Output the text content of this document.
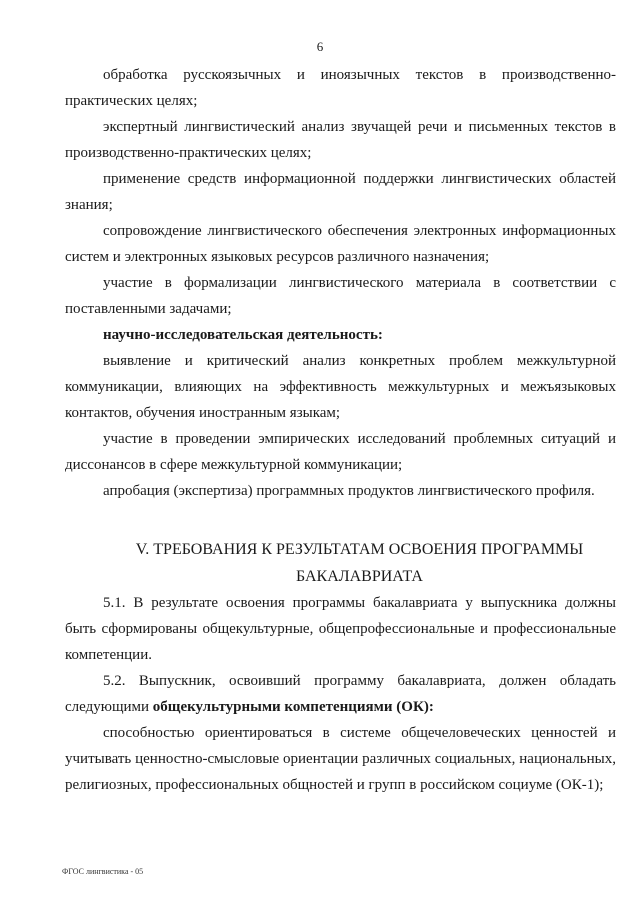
6

обработка русскоязычных и иноязычных текстов в производственно-практических целях;

экспертный лингвистический анализ звучащей речи и письменных текстов в производственно-практических целях;

применение средств информационной поддержки лингвистических областей знания;

сопровождение лингвистического обеспечения электронных информационных систем и электронных языковых ресурсов различного назначения;

участие в формализации лингвистического материала в соответствии с поставленными задачами;

научно-исследовательская деятельность:

выявление и критический анализ конкретных проблем межкультурной коммуникации, влияющих на эффективность межкультурных и межъязыковых контактов, обучения иностранным языкам;

участие в проведении эмпирических исследований проблемных ситуаций и диссонансов в сфере межкультурной коммуникации;

апробация (экспертиза) программных продуктов лингвистического профиля.

V. ТРЕБОВАНИЯ К РЕЗУЛЬТАТАМ ОСВОЕНИЯ ПРОГРАММЫ

БАКАЛАВРИАТА

5.1. В результате освоения программы бакалавриата у выпускника должны быть сформированы общекультурные, общепрофессиональные и профессиональные компетенции.

5.2. Выпускник, освоивший программу бакалавриата, должен обладать следующими общекультурными компетенциями (ОК):

способностью ориентироваться в системе общечеловеческих ценностей и учитывать ценностно-смысловые ориентации различных социальных, национальных, религиозных, профессиональных общностей и групп в российском социуме (ОК-1);

ФГОС лингвистика - 05
